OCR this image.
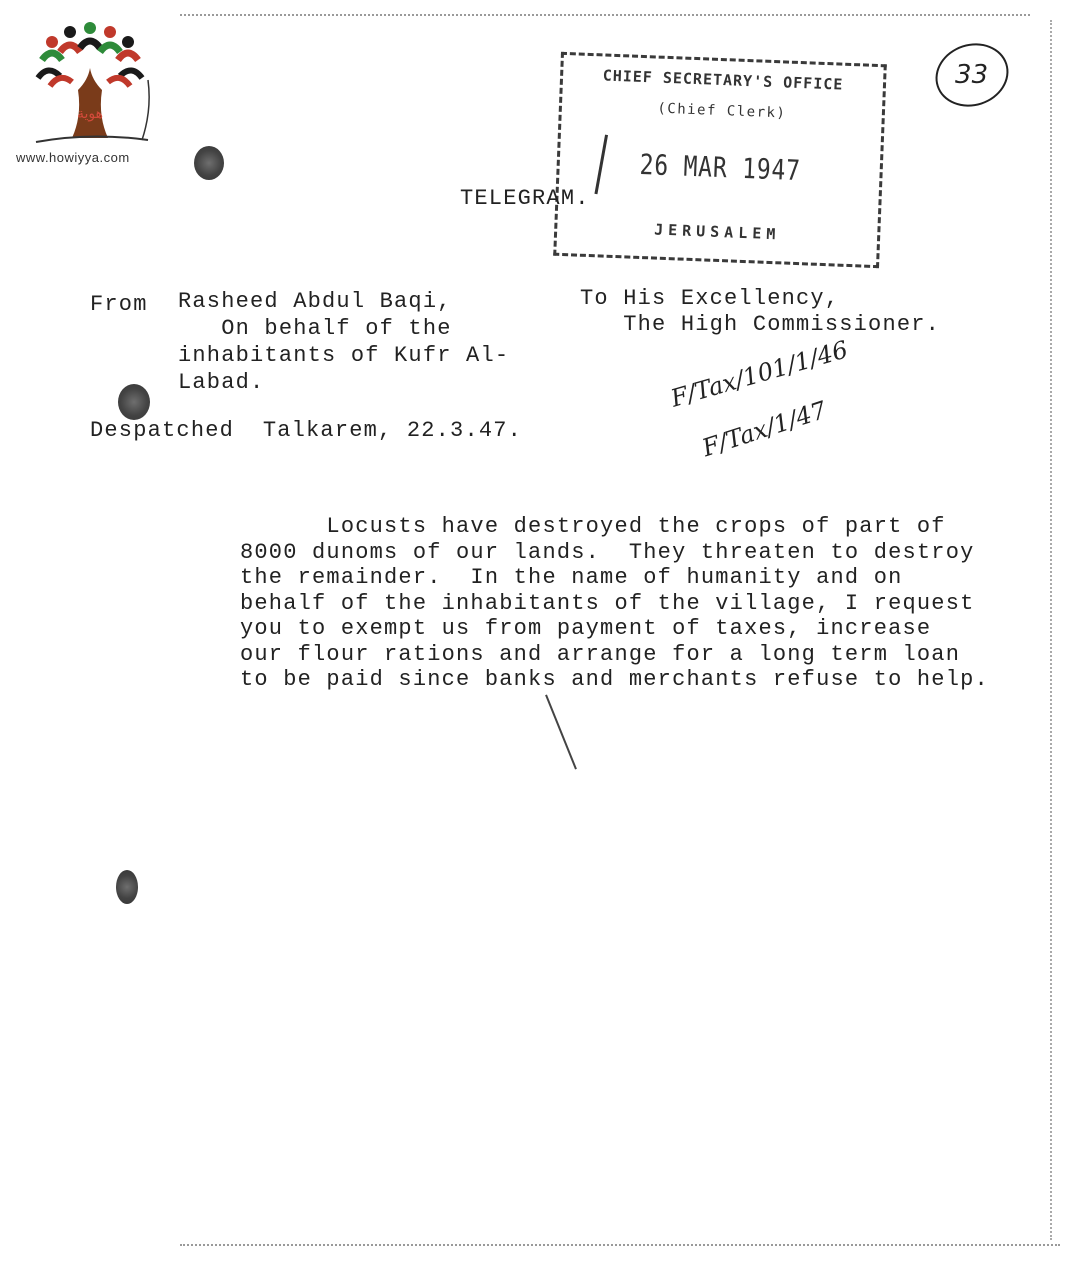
هوية
www.howiyya.com
33
CHIEF SECRETARY'S OFFICE
(Chief Clerk)
26 MAR 1947
JERUSALEM
TELEGRAM.
From Rasheed Abdul Baqi,
On behalf of the
inhabitants of Kufr Al-
Labad.
To His Excellency,
The High Commissioner.
Despatched  Talkarem, 22.3.47.
F/Tax/101/1/46
F/Tax/1/47
Locusts have destroyed the crops of part of
8000 dunoms of our lands.  They threaten to destroy
the remainder.  In the name of humanity and on
behalf of the inhabitants of the village, I request
you to exempt us from payment of taxes, increase
our flour rations and arrange for a long term loan
to be paid since banks and merchants refuse to help.
